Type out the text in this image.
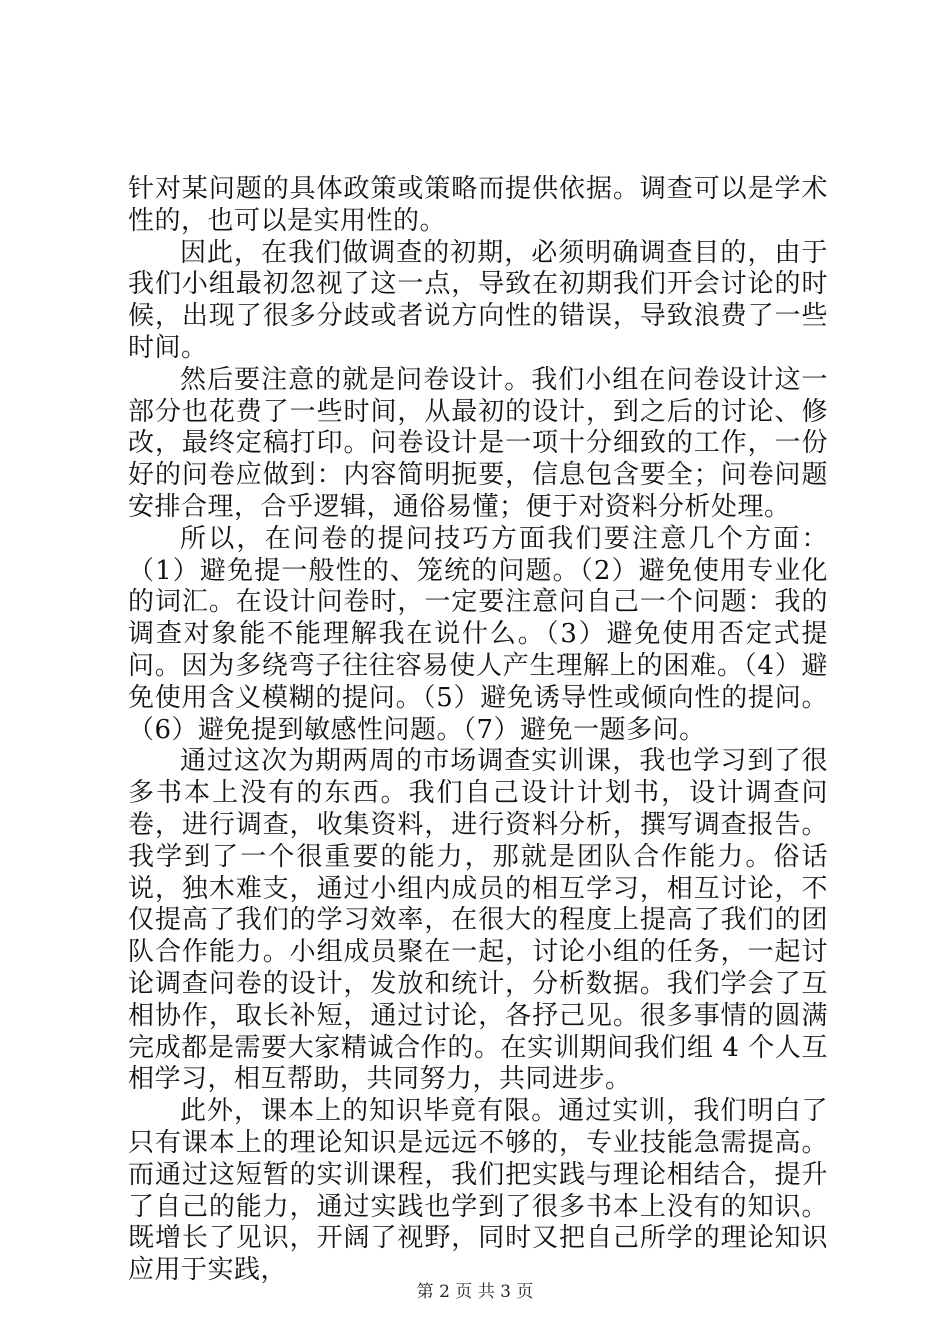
针对某问题的具体政策或策略而提供依据。调查可以是学术性的，也可以是实用性的。

因此，在我们做调查的初期，必须明确调查目的，由于我们小组最初忽视了这一点，导致在初期我们开会讨论的时候，出现了很多分歧或者说方向性的错误，导致浪费了一些时间。

然后要注意的就是问卷设计。我们小组在问卷设计这一部分也花费了一些时间，从最初的设计，到之后的讨论、修改，最终定稿打印。问卷设计是一项十分细致的工作，一份好的问卷应做到：内容简明扼要，信息包含要全；问卷问题安排合理，合乎逻辑，通俗易懂；便于对资料分析处理。

所以，在问卷的提问技巧方面我们要注意几个方面：（1）避免提一般性的、笼统的问题。（2）避免使用专业化的词汇。在设计问卷时，一定要注意问自己一个问题：我的调查对象能不能理解我在说什么。（3）避免使用否定式提问。因为多绕弯子往往容易使人产生理解上的困难。（4）避免使用含义模糊的提问。（5）避免诱导性或倾向性的提问。（6）避免提到敏感性问题。（7）避免一题多问。

通过这次为期两周的市场调查实训课，我也学习到了很多书本上没有的东西。我们自己设计计划书，设计调查问卷，进行调查，收集资料，进行资料分析，撰写调查报告。我学到了一个很重要的能力，那就是团队合作能力。俗话说，独木难支，通过小组内成员的相互学习，相互讨论，不仅提高了我们的学习效率，在很大的程度上提高了我们的团队合作能力。小组成员聚在一起，讨论小组的任务，一起讨论调查问卷的设计，发放和统计，分析数据。我们学会了互相协作，取长补短，通过讨论，各抒己见。很多事情的圆满完成都是需要大家精诚合作的。在实训期间我们组 4 个人互相学习，相互帮助，共同努力，共同进步。

此外，课本上的知识毕竟有限。通过实训，我们明白了只有课本上的理论知识是远远不够的，专业技能急需提高。而通过这短暂的实训课程，我们把实践与理论相结合，提升了自己的能力，通过实践也学到了很多书本上没有的知识。既增长了见识，开阔了视野，同时又把自己所学的理论知识应用于实践，

第 2 页 共 3 页
